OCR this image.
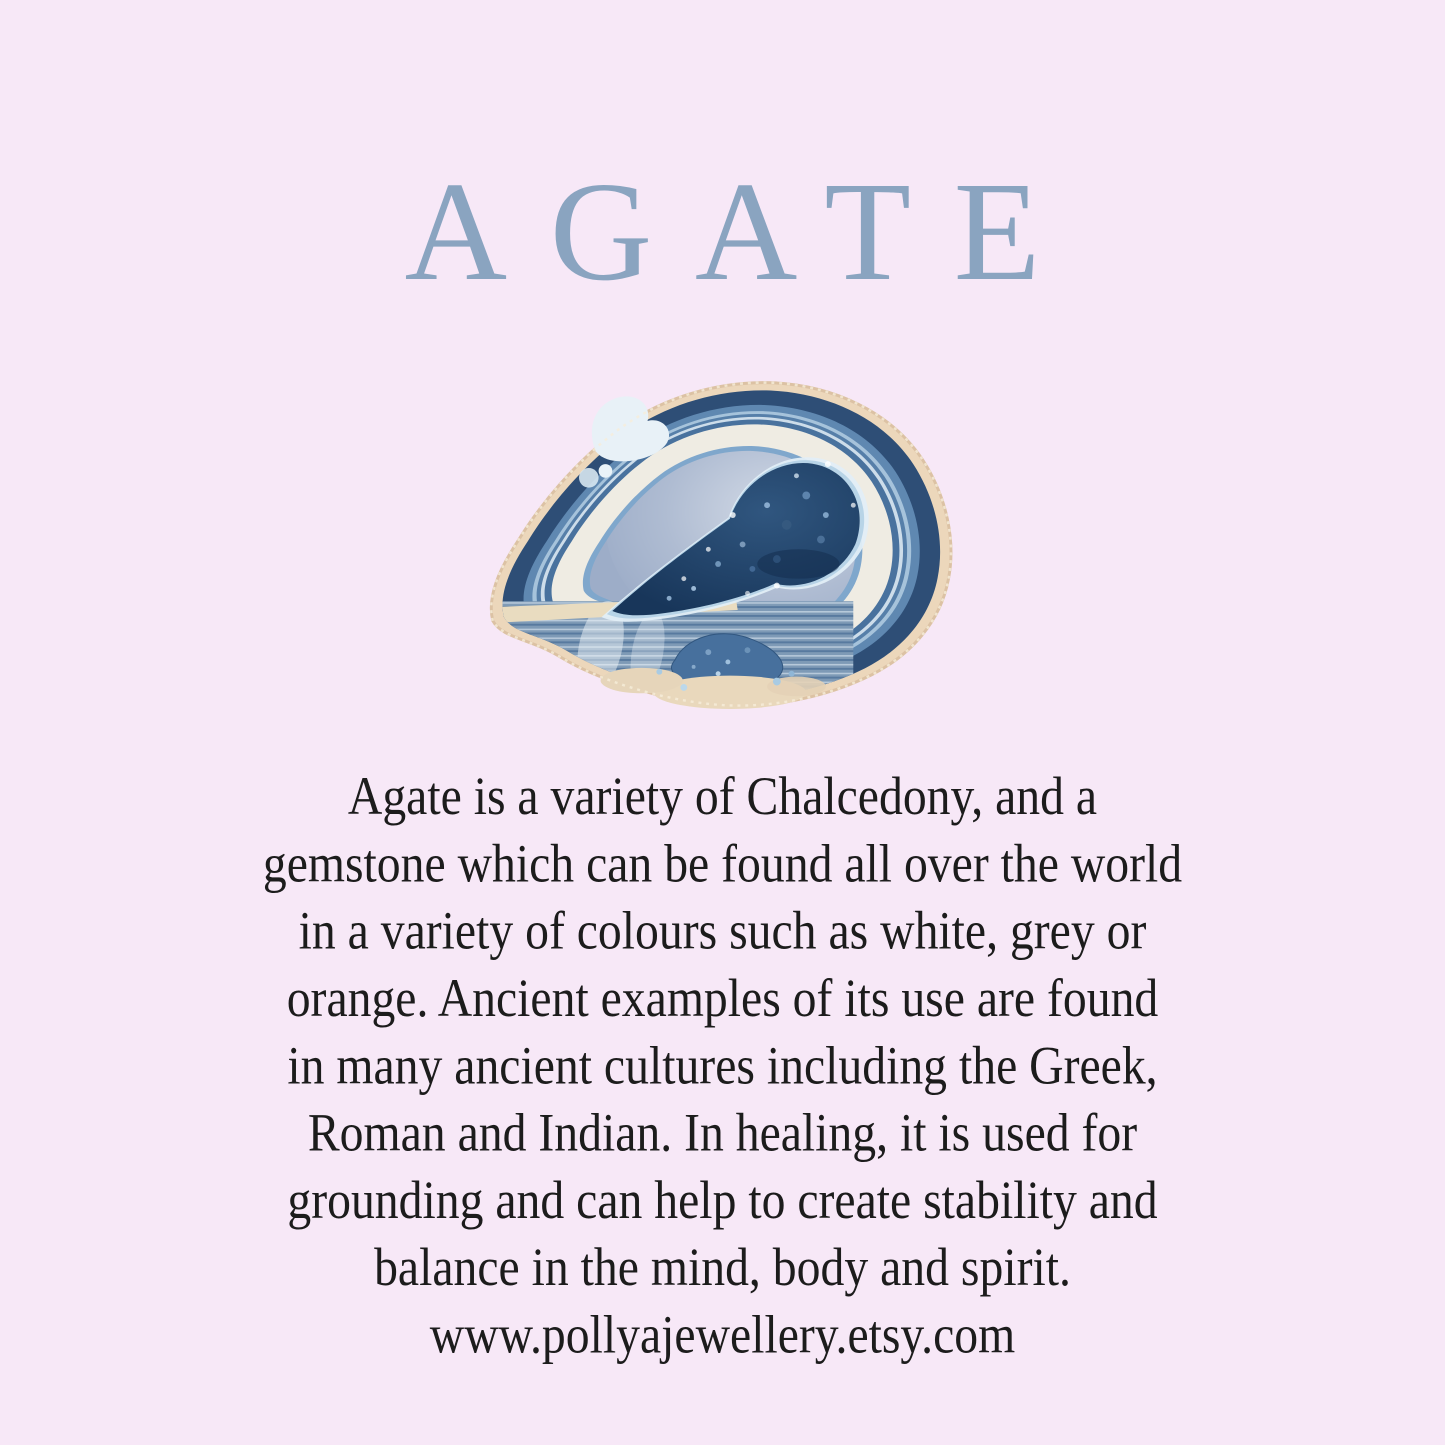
AGATE
Agate is a variety of Chalcedony, and a
gemstone which can be found all over the world
in a variety of colours such as white, grey or
orange. Ancient examples of its use are found
in many ancient cultures including the Greek,
Roman and Indian. In healing, it is used for
grounding and can help to create stability and
balance in the mind, body and spirit.
www.pollyajewellery.etsy.com
